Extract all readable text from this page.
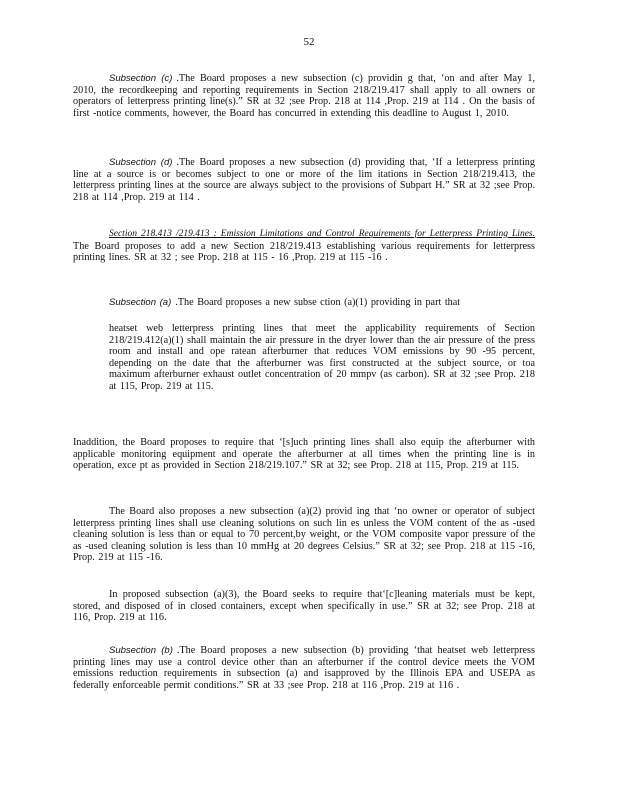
52

Subsection (c) .The Board proposes a new subsection (c) providin g that, ‘on and after May 1, 2010, the recordkeeping and reporting requirements in Section 218/219.417 shall apply to all owners or operators of letterpress printing line(s).” SR at 32 ;see Prop. 218 at 114 ,Prop. 219 at 114 . On the basis of first -notice comments, however, the Board has concurred in extending this deadline to August 1, 2010.

Subsection (d) .The Board proposes a new subsection (d) providing that, ‘If a letterpress printing line at a source is or becomes subject to one or more of the lim itations in Section 218/219.413, the letterpress printing lines at the source are always subject to the provisions of Subpart H.” SR at 32 ;see Prop. 218 at 114 ,Prop. 219 at 114 .

Section 218.413 /219.413 : Emission Limitations and Control Requirements for Letterpress Printing Lines. The Board proposes to add a new Section 218/219.413 establishing various requirements for letterpress printing lines. SR at 32 ; see Prop. 218 at 115 - 16 ,Prop. 219 at 115 -16 .

Subsection (a) .The Board proposes a new subse ction (a)(1) providing in part that

heatset web letterpress printing lines that meet the applicability requirements of Section 218/219.412(a)(1) shall maintain the air pressure in the dryer lower than the air pressure of the press room and install and ope ratean afterburner that reduces VOM emissions by 90 -95 percent, depending on the date that the afterburner was first constructed at the subject source, or toa maximum afterburner exhaust outlet concentration of 20 mmpv (as carbon). SR at 32 ;see Prop. 218 at 115, Prop. 219 at 115.

Inaddition, the Board proposes to require that ‘[s]uch printing lines shall also equip the afterburner with applicable monitoring equipment and operate the afterburner at all times when the printing line is in operation, exce pt as provided in Section 218/219.107.” SR at 32; see Prop. 218 at 115, Prop. 219 at 115.

The Board also proposes a new subsection (a)(2) provid ing that ‘no owner or operator of subject letterpress printing lines shall use cleaning solutions on such lin es unless the VOM content of the as -used cleaning solution is less than or equal to 70 percent,by weight, or the VOM composite vapor pressure of the as -used cleaning solution is less than 10 mmHg at 20 degrees Celsius.” SR at 32; see Prop. 218 at 115 -16, Prop. 219 at 115 -16.

In proposed subsection (a)(3), the Board seeks to require that‘[c]leaning materials must be kept, stored, and disposed of in closed containers, except when specifically in use.” SR at 32; see Prop. 218 at 116, Prop. 219 at 116.

Subsection (b) .The Board proposes a new subsection (b) providing ‘that heatset web letterpress printing lines may use a control device other than an afterburner if the control device meets the VOM emissions reduction requirements in subsection (a) and isapproved by the Illinois EPA and USEPA as federally enforceable permit conditions.” SR at 33 ;see Prop. 218 at 116 ,Prop. 219 at 116 .
